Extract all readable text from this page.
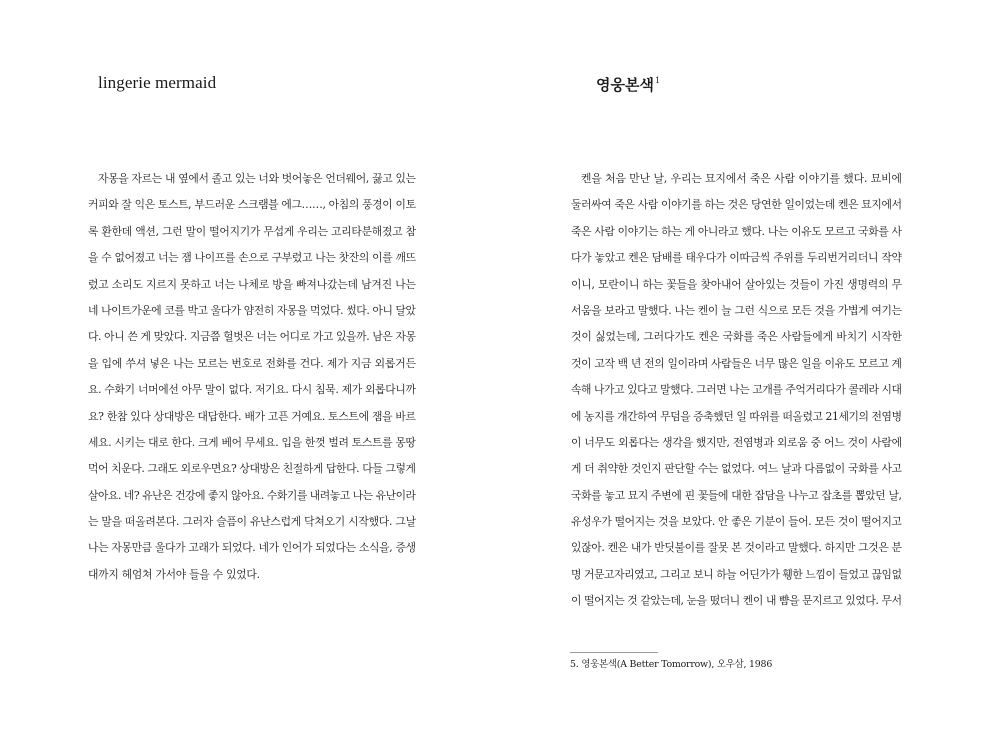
lingerie mermaid
자몽을 자르는 내 옆에서 졸고 있는 너와 벗어놓은 언더웨어, 끓고 있는
커피와 잘 익은 토스트, 부드러운 스크램블 에그……, 아침의 풍경이 이토
록 환한데 액션, 그런 말이 떨어지기가 무섭게 우리는 고리타분해졌고 참
을 수 없어졌고 너는 잼 나이프를 손으로 구부렸고 나는 찻잔의 이를 깨뜨
렸고 소리도 지르지 못하고 너는 나체로 방을 빠져나갔는데 남겨진 나는
네 나이트가운에 코를 박고 울다가 얌전히 자몽을 먹었다. 썼다. 아니 달았
다. 아니 쓴 게 맞았다. 지금쯤 헐벗은 너는 어디로 가고 있을까. 남은 자몽
을 입에 쑤셔 넣은 나는 모르는 번호로 전화를 건다. 제가 지금 외롭거든
요. 수화기 너머에선 아무 말이 없다. 저기요. 다시 침묵. 제가 외롭다니까
요? 한참 있다 상대방은 대답한다. 배가 고픈 거예요. 토스트에 잼을 바르
세요. 시키는 대로 한다. 크게 베어 무세요. 입을 한껏 벌려 토스트를 몽땅
먹어 치운다. 그래도 외로우면요? 상대방은 친절하게 답한다. 다들 그렇게
살아요. 네? 유난은 건강에 좋지 않아요. 수화기를 내려놓고 나는 유난이라
는 말을 떠올려본다. 그러자 슬픔이 유난스럽게 닥쳐오기 시작했다. 그날
나는 자몽만큼 울다가 고래가 되었다. 네가 인어가 되었다는 소식을, 증생
대까지 헤엄쳐 가서야 들을 수 있었다.
영웅본색$^1$
켄을 처음 만난 날, 우리는 묘지에서 죽은 사람 이야기를 했다. 묘비에
둘러싸여 죽은 사람 이야기를 하는 것은 당연한 일이었는데 켄은 묘지에서
죽은 사람 이야기는 하는 게 아니라고 했다. 나는 이유도 모르고 국화를 사
다가 놓았고 켄은 담배를 태우다가 이따금씩 주위를 두리번거리더니 작약
이니, 모란이니 하는 꽃들을 찾아내어 살아있는 것들이 가진 생명력의 무
서움을 보라고 말했다. 나는 켄이 늘 그런 식으로 모든 것을 가볍게 여기는
것이 싫었는데, 그러다가도 켄은 국화를 죽은 사람들에게 바치기 시작한
것이 고작 백 년 전의 일이라며 사람들은 너무 많은 일을 이유도 모르고 계
속해 나가고 있다고 말했다. 그러면 나는 고개를 주억거리다가 콜레라 시대
에 농지를 개간하여 무덤을 증축했던 일 따위를 떠올렸고 21세기의 전염병
이 너무도 외롭다는 생각을 했지만, 전염병과 외로움 중 어느 것이 사람에
게 더 취약한 것인지 판단할 수는 없었다. 여느 날과 다름없이 국화를 사고
국화를 놓고 묘지 주변에 핀 꽃들에 대한 잡담을 나누고 잡초를 뽑았던 날,
유성우가 떨어지는 것을 보았다. 안 좋은 기분이 들어. 모든 것이 떨어지고
있잖아. 켄은 내가 반딧불이를 잘못 본 것이라고 말했다. 하지만 그것은 분
명 거문고자리였고, 그리고 보니 하늘 어딘가가 휑한 느낌이 들었고 끊임없
이 떨어지는 것 같았는데, 눈을 떴더니 켄이 내 뺨을 문지르고 있었다. 무서
5. 영웅본색(A Better Tomorrow), 오우삼, 1986
